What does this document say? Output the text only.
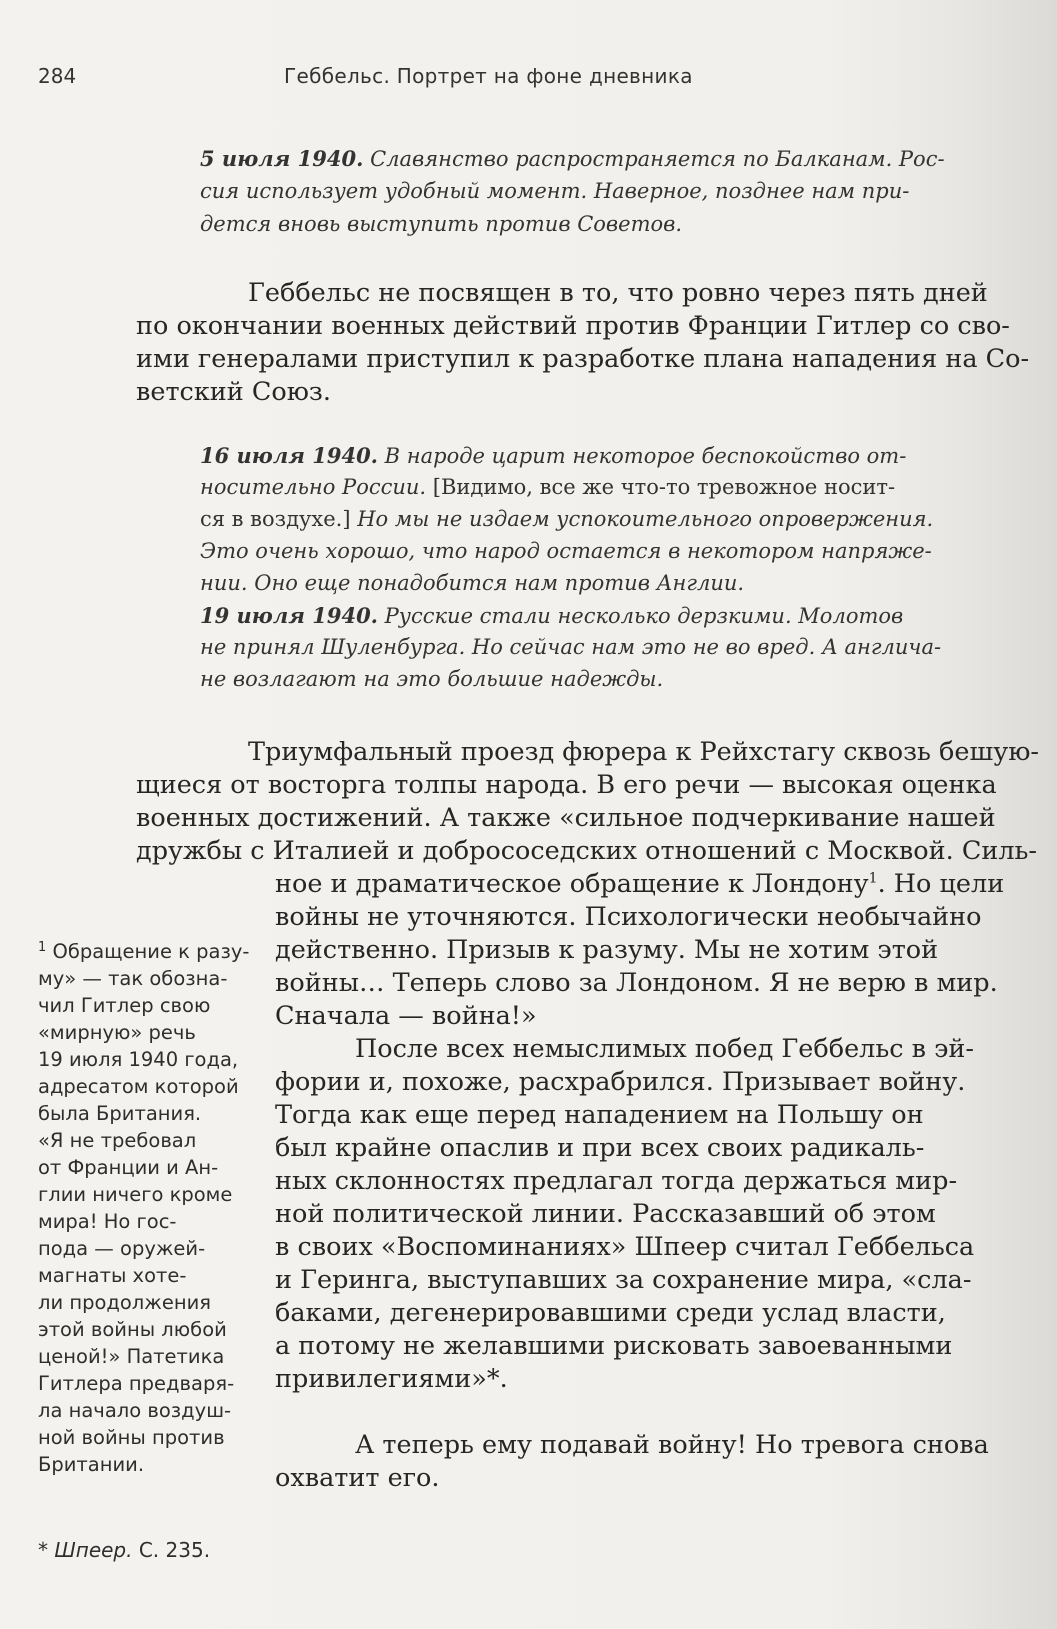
284	Геббельс. Портрет на фоне дневника
5 июля 1940. Славянство распространяется по Балканам. Рос-
сия использует удобный момент. Наверное, позднее нам при-
дется вновь выступить против Советов.
Геббельс не посвящен в то, что ровно через пять дней
по окончании военных действий против Франции Гитлер со сво-
ими генералами приступил к разработке плана нападения на Со-
ветский Союз.
16 июля 1940. В народе царит некоторое беспокойство от-
носительно России. [Видимо, все же что-то тревожное носит-
ся в воздухе.] Но мы не издаем успокоительного опровержения.
Это очень хорошо, что народ остается в некотором напряже-
нии. Оно еще понадобится нам против Англии.
19 июля 1940. Русские стали несколько дерзкими. Молотов
не принял Шуленбурга. Но сейчас нам это не во вред. А англича-
не возлагают на это большие надежды.
Триумфальный проезд фюрера к Рейхстагу сквозь бешую-
щиеся от восторга толпы народа. В его речи — высокая оценка
военных достижений. А также «сильное подчеркивание нашей
дружбы с Италией и добрососедских отношений с Москвой. Силь-
ное и драматическое обращение к Лондону$^1$. Но цели
войны не уточняются. Психологически необычайно
действенно. Призыв к разуму. Мы не хотим этой
войны… Теперь слово за Лондоном. Я не верю в мир.
Сначала — война!»
После всех немыслимых побед Геббельс в эй-
фории и, похоже, расхрабрился. Призывает войну.
Тогда как еще перед нападением на Польшу он
был крайне опаслив и при всех своих радикаль-
ных склонностях предлагал тогда держаться мир-
ной политической линии. Рассказавший об этом
в своих «Воспоминаниях» Шпеер считал Геббельса
и Геринга, выступавших за сохранение мира, «сла-
баками, дегенерировавшими среди услад власти,
а потому не желавшими рисковать завоеванными
привилегиями»*.
А теперь ему подавай войну! Но тревога снова
охватит его.
$^1$ Обращение к разу-
му» — так обозна-
чил Гитлер свою
«мирную» речь
19 июля 1940 года,
адресатом которой
была Британия.
«Я не требовал
от Франции и Ан-
глии ничего кроме
мира! Но гос-
пода — оружей-
магнаты хоте-
ли продолжения
этой войны любой
ценой!» Патетика
Гитлера предваря-
ла начало воздуш-
ной войны против
Британии.
* Шпеер. С. 235.
